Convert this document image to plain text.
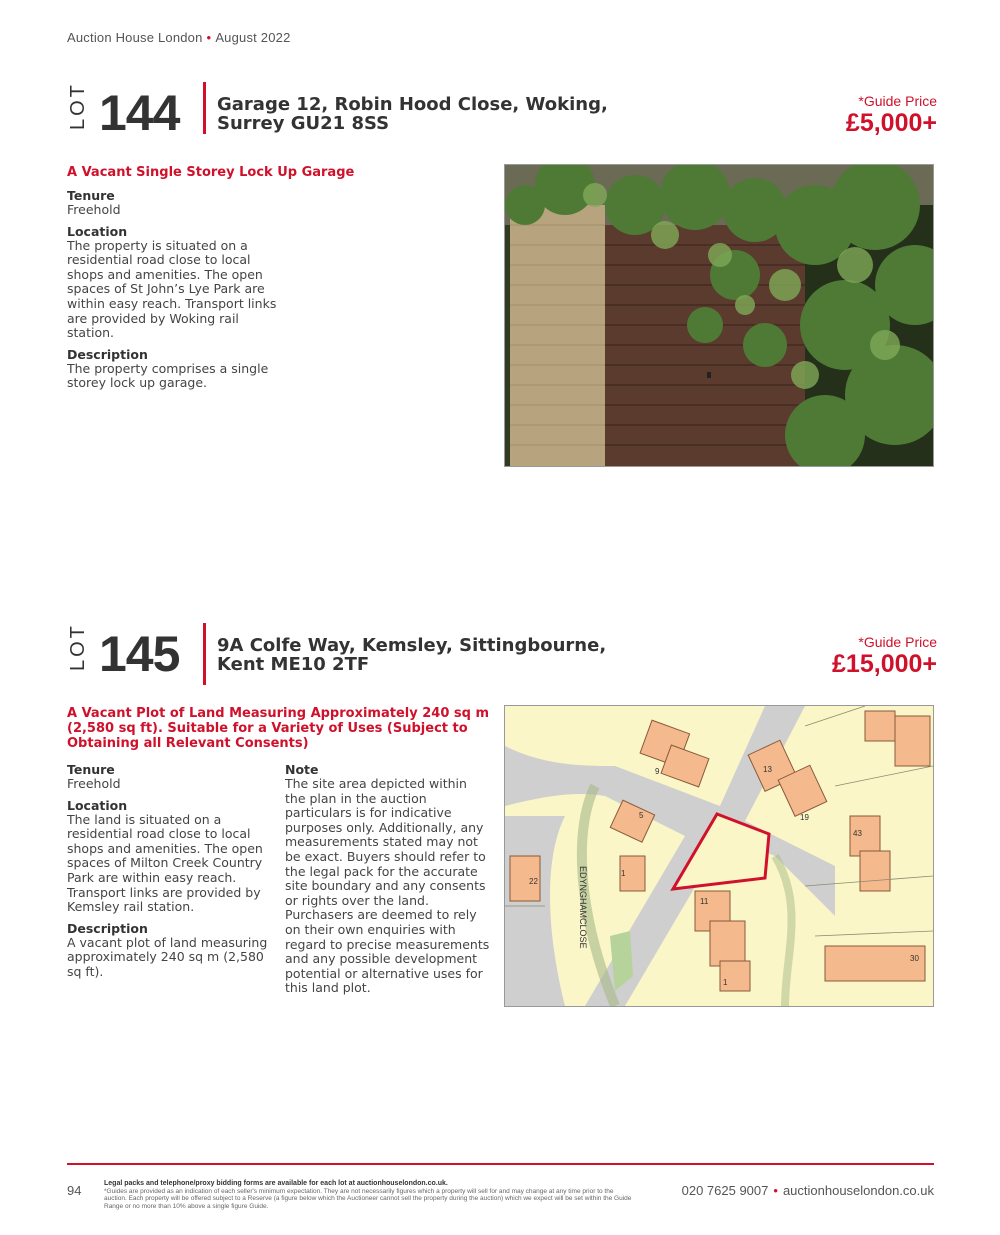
Auction House London • August 2022
LOT 144 Garage 12, Robin Hood Close, Woking,
Surrey GU21 8SS
*Guide Price
£5,000+
A Vacant Single Storey Lock Up Garage
Tenure
Freehold
Location
The property is situated on a residential road close to local shops and amenities. The open spaces of St John’s Lye Park are within easy reach. Transport links are provided by Woking rail station.
Description
The property comprises a single storey lock up garage.
LOT 145 9A Colfe Way, Kemsley, Sittingbourne,
Kent ME10 2TF
*Guide Price
£15,000+
A Vacant Plot of Land Measuring Approximately 240 sq m (2,580 sq ft). Suitable for a Variety of Uses (Subject to Obtaining all Relevant Consents)
Tenure
Freehold
Location
The land is situated on a residential road close to local shops and amenities. The open spaces of Milton Creek Country Park are within easy reach. Transport links are provided by Kemsley rail station.
Description
A vacant plot of land measuring approximately 240 sq m (2,580 sq ft).
Note
The site area depicted within the plan in the auction particulars is for indicative purposes only. Additionally, any measurements stated may not be exact. Buyers should refer to the legal pack for the accurate site boundary and any consents or rights over the land. Purchasers are deemed to rely on their own enquiries with regard to precise measurements and any possible development potential or alternative uses for this land plot.
EDYNGHAM
CLOSE
9	13
19
5
1
43
22
11
1
30
94	Legal packs and telephone/proxy bidding forms are available for each lot at auctionhouselondon.co.uk.
*Guides are provided as an indication of each seller's minimum expectation. They are not necessarily figures which a property will sell for and may change at any time prior to the auction. Each property will be offered subject to a Reserve (a figure below which the Auctioneer cannot sell the property during the auction) which we expect will be set within the Guide Range or no more than 10% above a single figure Guide.
020 7625 9007 • auctionhouselondon.co.uk
